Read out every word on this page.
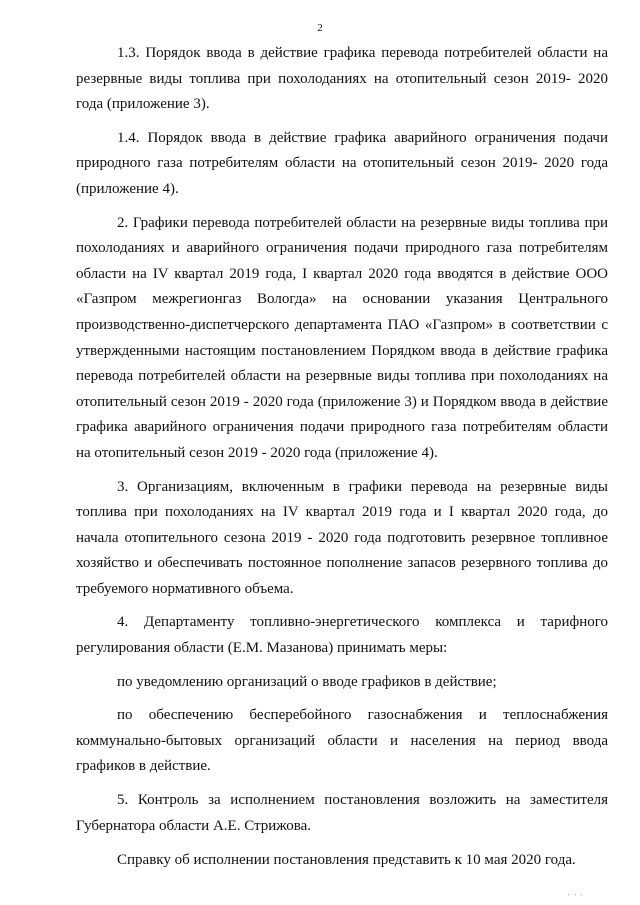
2

1.3. Порядок ввода в действие графика перевода потребителей области на резервные виды топлива при похолоданиях на отопительный сезон 2019- 2020 года (приложение 3).

1.4. Порядок ввода в действие графика аварийного ограничения подачи природного газа потребителям области на отопительный сезон 2019- 2020 года (приложение 4).

2. Графики перевода потребителей области на резервные виды топлива при похолоданиях и аварийного ограничения подачи природного газа потребителям области на IV квартал 2019 года, I квартал 2020 года вводятся в действие ООО «Газпром межрегионгаз Вологда» на основании указания Центрального производственно-диспетчерского департамента ПАО «Газпром» в соответствии с утвержденными настоящим постановлением Порядком ввода в действие графика перевода потребителей области на резервные виды топлива при похолоданиях на отопительный сезон 2019 - 2020 года (приложение 3) и Порядком ввода в действие графика аварийного ограничения подачи природного газа потребителям области на отопительный сезон 2019 - 2020 года (приложение 4).

3. Организациям, включенным в графики перевода на резервные виды топлива при похолоданиях на IV квартал 2019 года и I квартал 2020 года, до начала отопительного сезона 2019 - 2020 года подготовить резервное топливное хозяйство и обеспечивать постоянное пополнение запасов резервного топлива до требуемого нормативного объема.

4. Департаменту топливно-энергетического комплекса и тарифного регулирования области (Е.М. Мазанова) принимать меры:

по уведомлению организаций о вводе графиков в действие;

по обеспечению бесперебойного газоснабжения и теплоснабжения коммунально-бытовых организаций области и населения на период ввода графиков в действие.

5. Контроль за исполнением постановления возложить на заместителя Губернатора области А.Е. Стрижова.

Справку об исполнении постановления представить к 10 мая 2020 года.

' ' '
